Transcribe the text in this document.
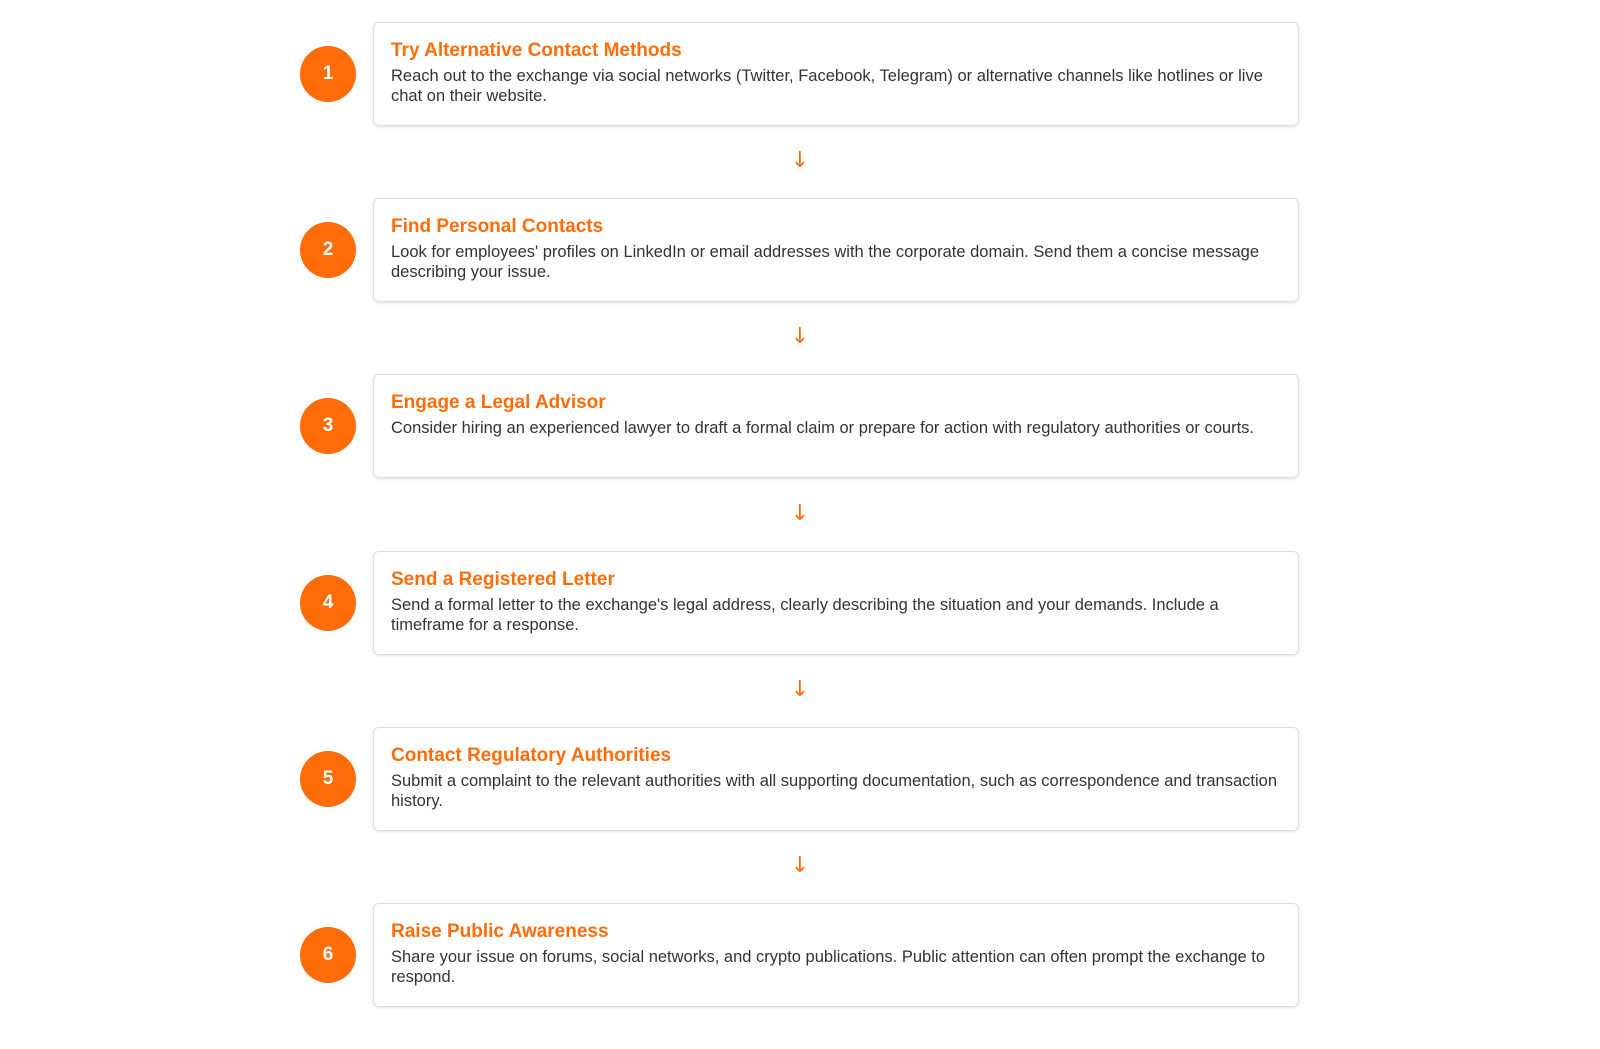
1
Try Alternative Contact Methods
Reach out to the exchange via social networks (Twitter, Facebook, Telegram) or alternative channels like hotlines or live chat on their website.
↓
2
Find Personal Contacts
Look for employees' profiles on LinkedIn or email addresses with the corporate domain. Send them a concise message describing your issue.
↓
3
Engage a Legal Advisor
Consider hiring an experienced lawyer to draft a formal claim or prepare for action with regulatory authorities or courts.
↓
4
Send a Registered Letter
Send a formal letter to the exchange's legal address, clearly describing the situation and your demands. Include a timeframe for a response.
↓
5
Contact Regulatory Authorities
Submit a complaint to the relevant authorities with all supporting documentation, such as correspondence and transaction history.
↓
6
Raise Public Awareness
Share your issue on forums, social networks, and crypto publications. Public attention can often prompt the exchange to respond.
